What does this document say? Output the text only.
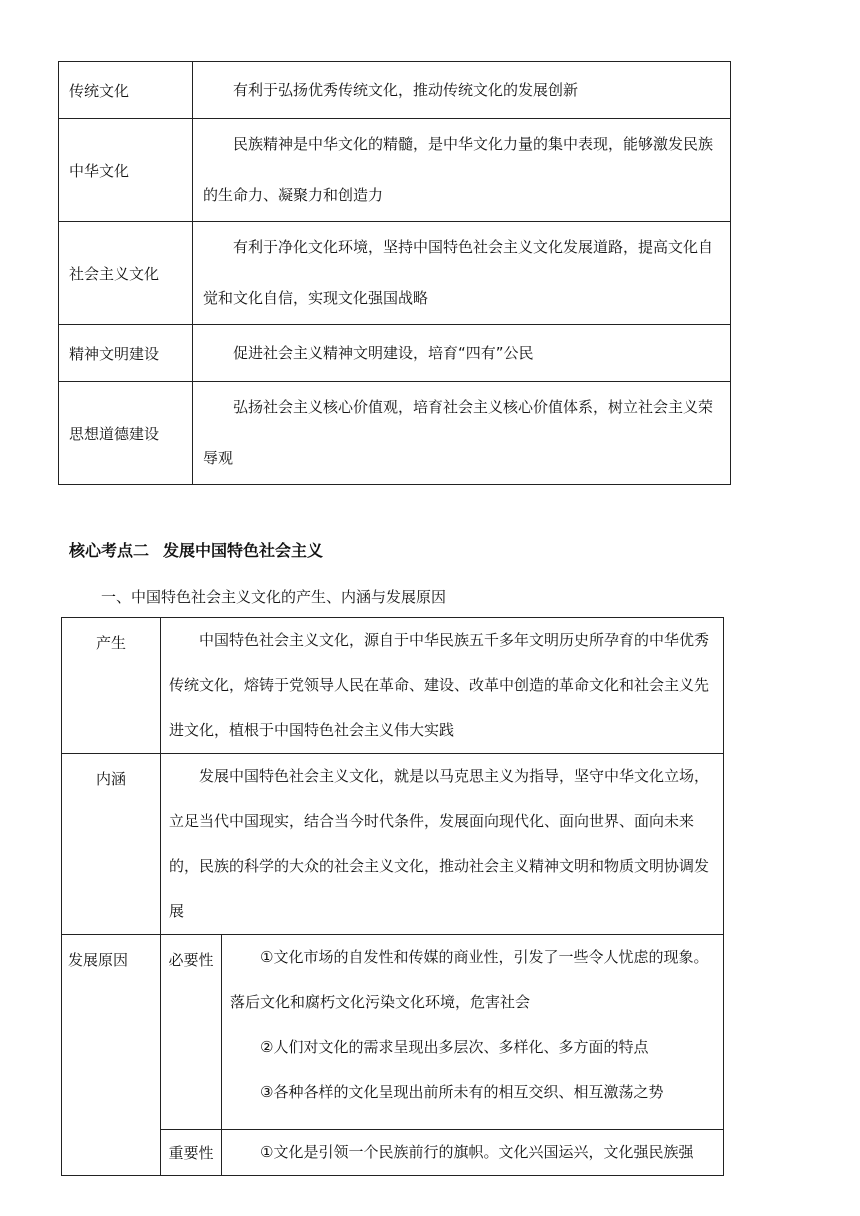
传统文化	有利于弘扬优秀传统文化，推动传统文化的发展创新
中华文化	民族精神是中华文化的精髓，是中华文化力量的集中表现，能够激发民族的生命力、凝聚力和创造力
社会主义文化	有利于净化文化环境，坚持中国特色社会主义文化发展道路，提高文化自觉和文化自信，实现文化强国战略
精神文明建设	促进社会主义精神文明建设，培育“四有”公民
思想道德建设	弘扬社会主义核心价值观，培育社会主义核心价值体系，树立社会主义荣辱观
核心考点二 发展中国特色社会主义
一、中国特色社会主义文化的产生、内涵与发展原因
产生	中国特色社会主义文化，源自于中华民族五千多年文明历史所孕育的中华优秀传统文化，熔铸于党领导人民在革命、建设、改革中创造的革命文化和社会主义先进文化，植根于中国特色社会主义伟大实践	
内涵	发展中国特色社会主义文化，就是以马克思主义为指导，坚守中华文化立场，立足当代中国现实，结合当今时代条件，发展面向现代化、面向世界、面向未来的，民族的科学的大众的社会主义文化，推动社会主义精神文明和物质文明协调发展	
发展原因	必要性	①文化市场的自发性和传媒的商业性，引发了一些令人忧虑的现象。落后文化和腐朽文化污染文化环境，危害社会
②人们对文化的需求呈现出多层次、多样化、多方面的特点
③各种各样的文化呈现出前所未有的相互交织、相互激荡之势

	重要性	①文化是引领一个民族前行的旗帜。文化兴国运兴，文化强民族强
